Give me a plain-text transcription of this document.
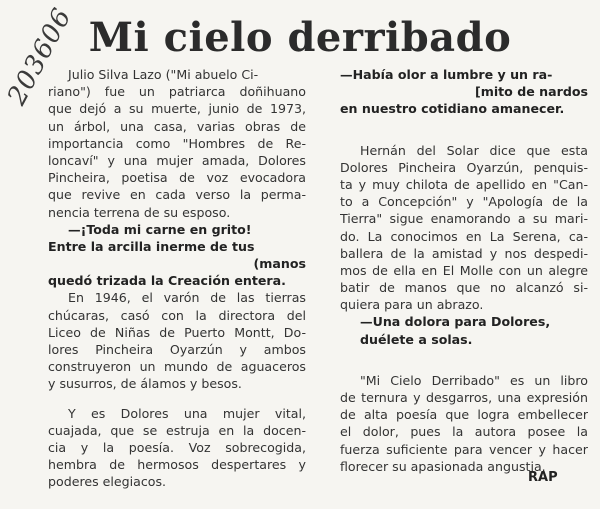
203606 Mi cielo derribado
Julio Silva Lazo ("Mi abuelo Ci-
riano") fue un patriarca doñihuano
que dejó a su muerte, junio de 1973,
un árbol, una casa, varias obras de
importancia como "Hombres de Re-
loncaví" y una mujer amada, Dolores
Pincheira, poetisa de voz evocadora
que revive en cada verso la perma-
nencia terrena de su esposo.
—¡Toda mi carne en grito!
Entre la arcilla inerme de tus
(manos
quedó trizada la Creación entera.
En 1946, el varón de las tierras
chúcaras, casó con la directora del
Liceo de Niñas de Puerto Montt, Do-
lores Pincheira Oyarzún y ambos
construyeron un mundo de aguaceros
y susurros, de álamos y besos.
Y es Dolores una mujer vital,
cuajada, que se estruja en la docen-
cia y la poesía. Voz sobrecogida,
hembra de hermosos despertares y
poderes elegiacos.
—Había olor a lumbre y un ra-
[mito de nardos
en nuestro cotidiano amanecer.
Hernán del Solar dice que esta
Dolores Pincheira Oyarzún, penquis-
ta y muy chilota de apellido en "Can-
to a Concepción" y "Apología de la
Tierra" sigue enamorando a su mari-
do. La conocimos en La Serena, ca-
ballera de la amistad y nos despedi-
mos de ella en El Molle con un alegre
batir de manos que no alcanzó si-
quiera para un abrazo.
—Una dolora para Dolores,
duélete a solas.
"Mi Cielo Derribado" es un libro
de ternura y desgarros, una expresión
de alta poesía que logra embellecer
el dolor, pues la autora posee la
fuerza suficiente para vencer y hacer
florecer su apasionada angustia.
RAP
